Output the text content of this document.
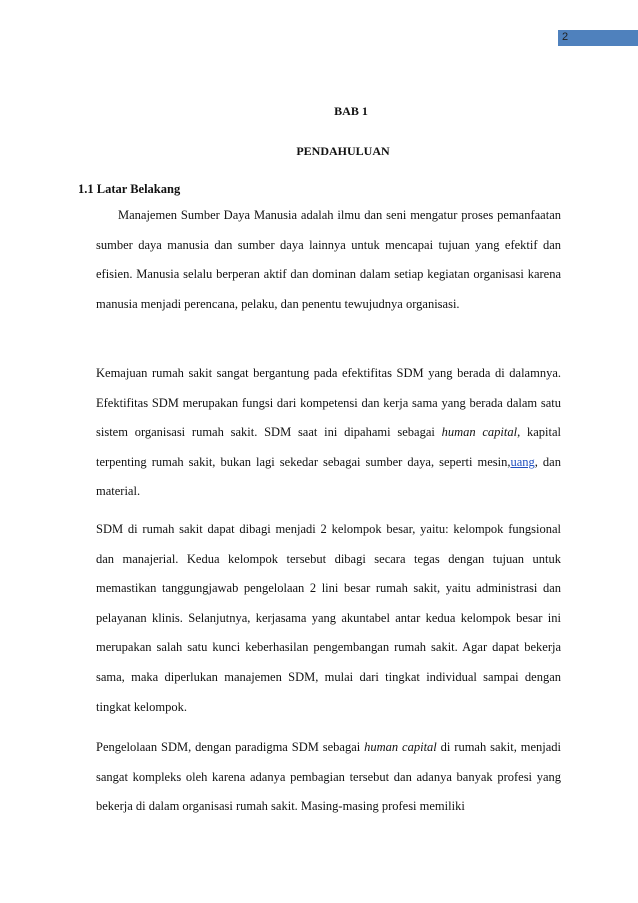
2
BAB 1
PENDAHULUAN
1.1 Latar Belakang

Manajemen Sumber Daya Manusia adalah ilmu dan seni mengatur proses pemanfaatan sumber daya manusia dan sumber daya lainnya untuk mencapai tujuan yang efektif dan efisien. Manusia selalu berperan aktif dan dominan dalam setiap kegiatan organisasi karena manusia menjadi perencana, pelaku, dan penentu tewujudnya organisasi.

Kemajuan rumah sakit sangat bergantung pada efektifitas SDM yang berada di dalamnya. Efektifitas SDM merupakan fungsi dari kompetensi dan kerja sama yang berada dalam satu sistem organisasi rumah sakit. SDM saat ini dipahami sebagai human capital, kapital terpenting rumah sakit, bukan lagi sekedar sebagai sumber daya, seperti mesin,uang, dan material.

SDM di rumah sakit dapat dibagi menjadi 2 kelompok besar, yaitu: kelompok fungsional dan manajerial. Kedua kelompok tersebut dibagi secara tegas dengan tujuan untuk memastikan tanggungjawab pengelolaan 2 lini besar rumah sakit, yaitu administrasi dan pelayanan klinis. Selanjutnya, kerjasama yang akuntabel antar kedua kelompok besar ini merupakan salah satu kunci keberhasilan pengembangan rumah sakit. Agar dapat bekerja sama, maka diperlukan manajemen SDM, mulai dari tingkat individual sampai dengan tingkat kelompok.

Pengelolaan SDM, dengan paradigma SDM sebagai human capital di rumah sakit, menjadi sangat kompleks oleh karena adanya pembagian tersebut dan adanya banyak profesi yang bekerja di dalam organisasi rumah sakit. Masing-masing profesi memiliki
